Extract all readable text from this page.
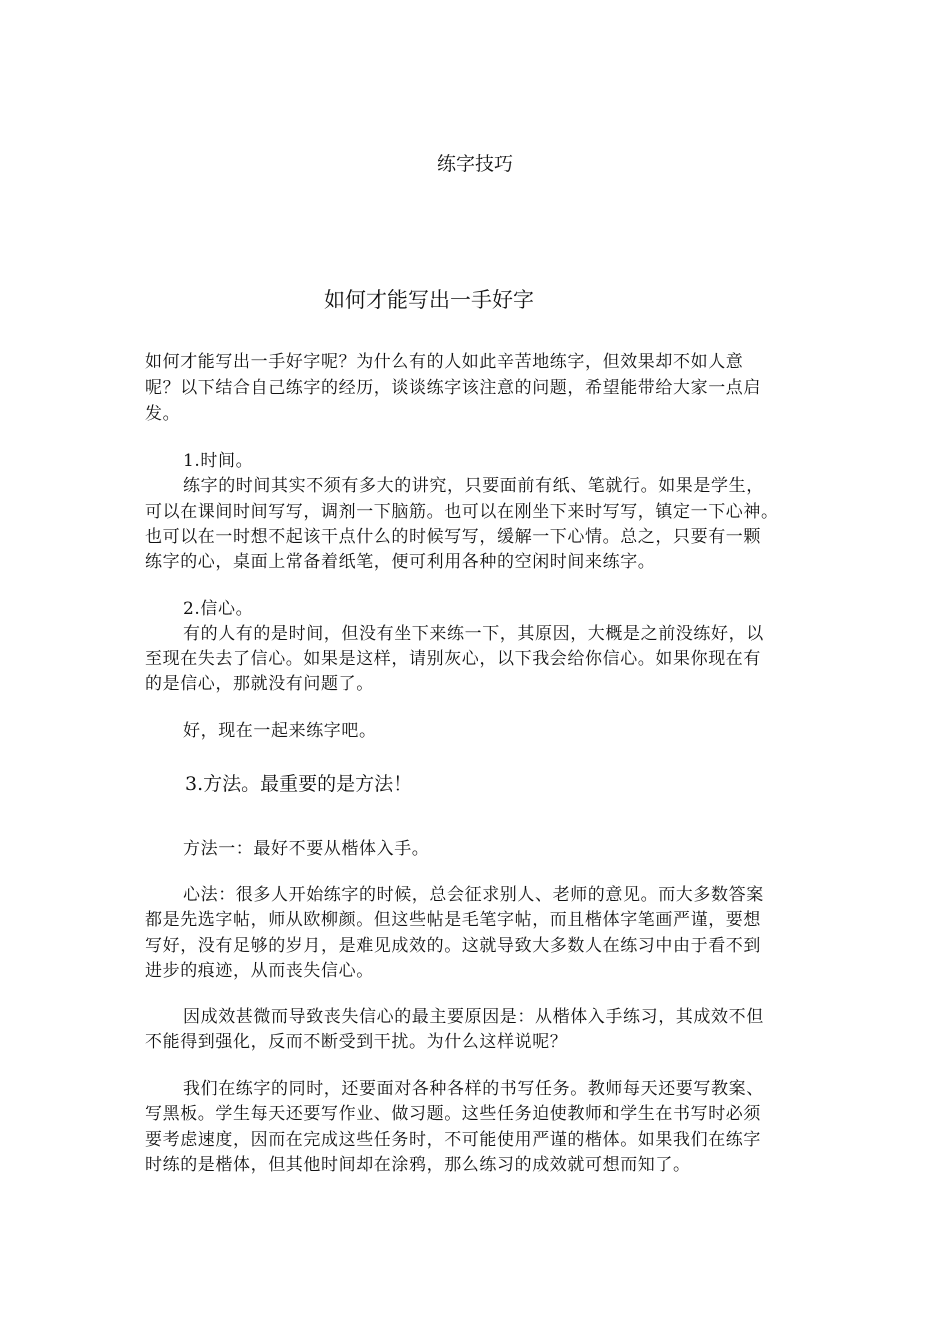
练字技巧
如何才能写出一手好字
如何才能写出一手好字呢？为什么有的人如此辛苦地练字，但效果却不如人意
呢？以下结合自己练字的经历，谈谈练字该注意的问题，希望能带给大家一点启
发。
1.时间。
练字的时间其实不须有多大的讲究，只要面前有纸、笔就行。如果是学生，
可以在课间时间写写，调剂一下脑筋。也可以在刚坐下来时写写，镇定一下心神。
也可以在一时想不起该干点什么的时候写写，缓解一下心情。总之，只要有一颗
练字的心，桌面上常备着纸笔，便可利用各种的空闲时间来练字。
2.信心。
有的人有的是时间，但没有坐下来练一下，其原因，大概是之前没练好，以
至现在失去了信心。如果是这样，请别灰心，以下我会给你信心。如果你现在有
的是信心，那就没有问题了。
好，现在一起来练字吧。
3.方法。最重要的是方法！
方法一：最好不要从楷体入手。
心法：很多人开始练字的时候，总会征求别人、老师的意见。而大多数答案
都是先选字帖，师从欧柳颜。但这些帖是毛笔字帖，而且楷体字笔画严谨，要想
写好，没有足够的岁月，是难见成效的。这就导致大多数人在练习中由于看不到
进步的痕迹，从而丧失信心。
因成效甚微而导致丧失信心的最主要原因是：从楷体入手练习，其成效不但
不能得到强化，反而不断受到干扰。为什么这样说呢？
我们在练字的同时，还要面对各种各样的书写任务。教师每天还要写教案、
写黑板。学生每天还要写作业、做习题。这些任务迫使教师和学生在书写时必须
要考虑速度，因而在完成这些任务时，不可能使用严谨的楷体。如果我们在练字
时练的是楷体，但其他时间却在涂鸦，那么练习的成效就可想而知了。
